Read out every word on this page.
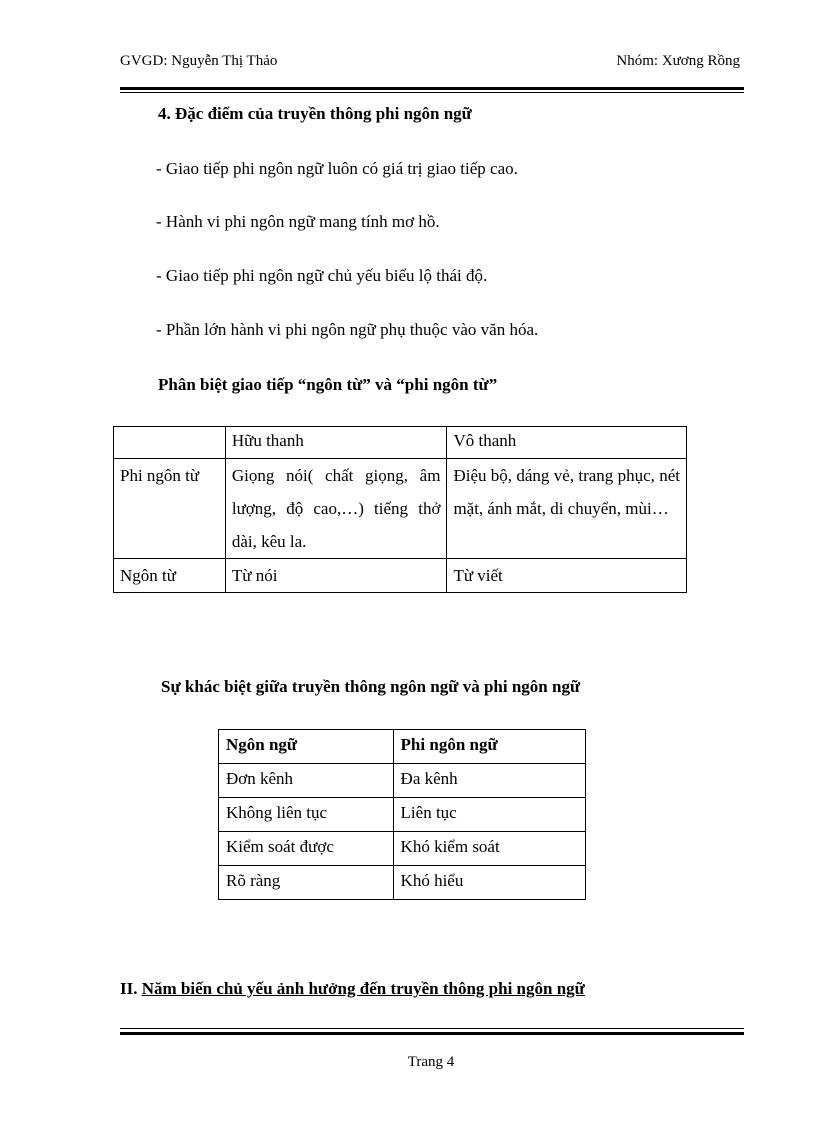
GVGD: Nguyễn Thị Thảo	Nhóm: Xương Rồng
4. Đặc điểm của truyền thông phi ngôn ngữ
- Giao tiếp phi ngôn ngữ luôn có giá trị giao tiếp cao.
- Hành vi phi ngôn ngữ mang tính mơ hồ.
- Giao tiếp phi ngôn ngữ chủ yếu biểu lộ thái độ.
- Phần lớn hành vi phi ngôn ngữ phụ thuộc vào văn hóa.
Phân biệt giao tiếp “ngôn từ” và “phi ngôn từ”
	Hữu thanh	Vô thanh
Phi ngôn từ	Giọng nói( chất giọng, âm lượng, độ cao,…) tiếng thở dài, kêu la.	Điệu bộ, dáng vẻ, trang phục, nét mặt, ánh mắt, di chuyển, mùi…
Ngôn từ	Từ nói	Từ viết
Sự khác biệt giữa truyền thông ngôn ngữ và phi ngôn ngữ
Ngôn ngữ	Phi ngôn ngữ
Đơn kênh	Đa kênh
Không liên tục	Liên tục
Kiểm soát được	Khó kiểm soát
Rõ ràng	Khó hiểu
II. Năm biến chủ yếu ảnh hưởng đến truyền thông phi ngôn ngữ
Trang 4
